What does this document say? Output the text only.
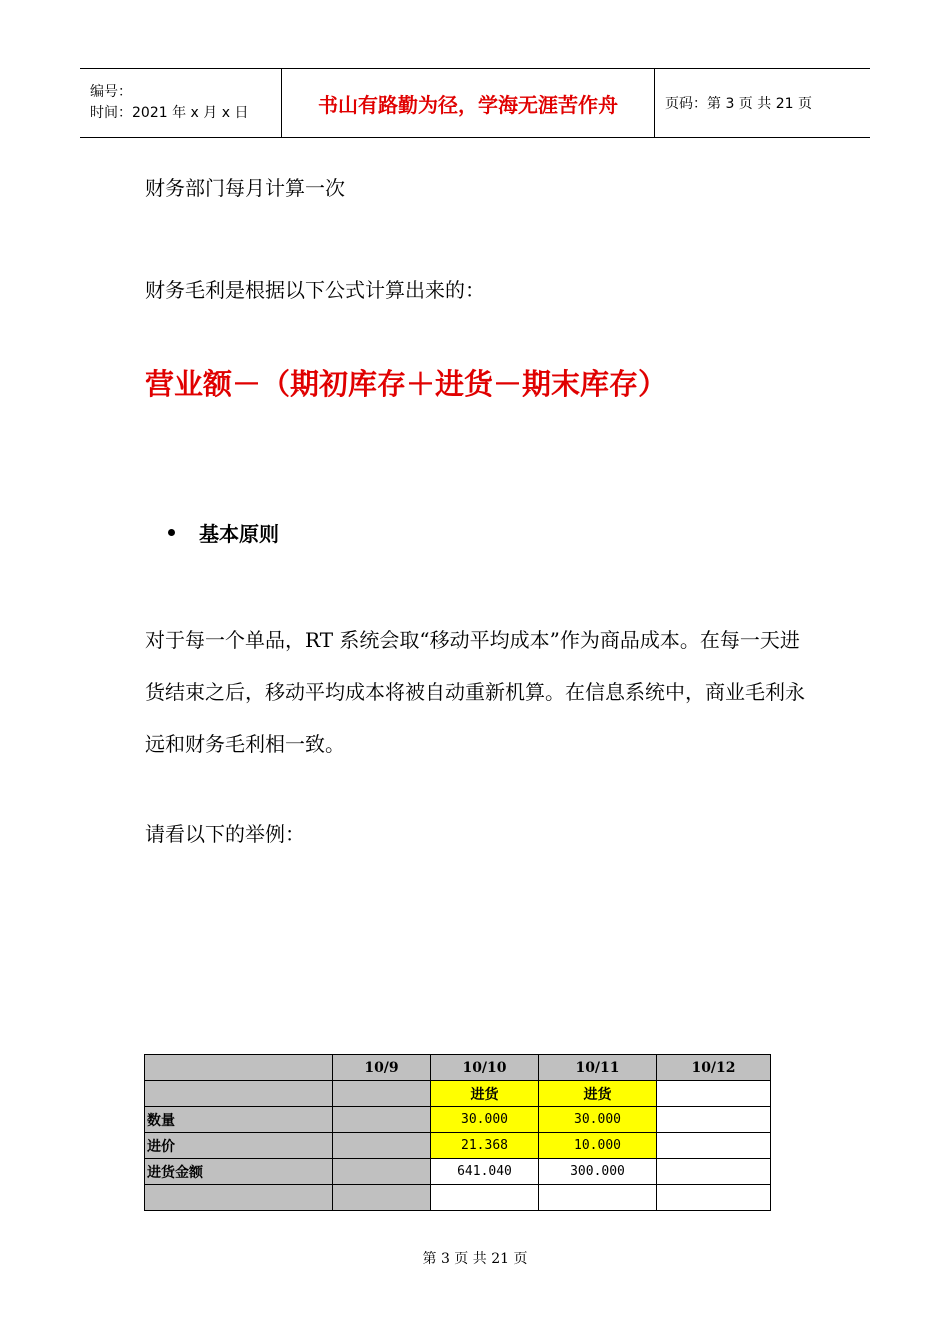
编号：
时间：2021 年 x 月 x 日	书山有路勤为径，学海无涯苦作舟	页码：第 3 页 共 21 页
财务部门每月计算一次
财务毛利是根据以下公式计算出来的：
营业额－（期初库存＋进货－期末库存）
基本原则
对于每一个单品，RT 系统会取“移动平均成本”作为商品成本。在每一天进货结束之后，移动平均成本将被自动重新机算。在信息系统中，商业毛利永远和财务毛利相一致。
请看以下的举例：
	10/9	10/10	10/11	10/12
		进货	进货	
数量		30.000	30.000	
进价		21.368	10.000	
进货金额		641.040	300.000	

第 3 页 共 21 页
